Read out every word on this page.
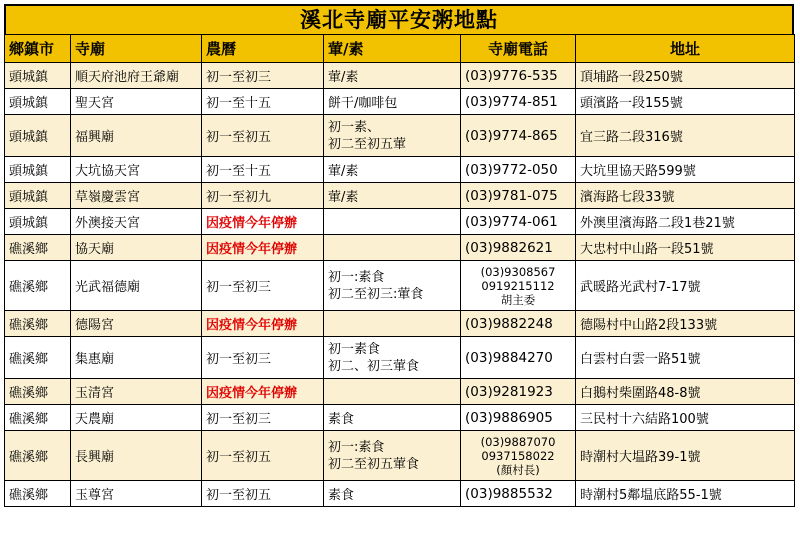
溪北寺廟平安粥地點
鄉鎮市	寺廟	農曆	葷/素	寺廟電話	地址
頭城鎮	順天府池府王爺廟	初一至初三	葷/素	(03)9776-535	頂埔路一段250號
頭城鎮	聖天宮	初一至十五	餅干/咖啡包	(03)9774-851	頭濱路一段155號
頭城鎮	福興廟	初一至初五	初一素、
初二至初五葷	(03)9774-865	宜三路二段316號
頭城鎮	大坑協天宮	初一至十五	葷/素	(03)9772-050	大坑里協天路599號
頭城鎮	草嶺慶雲宮	初一至初九	葷/素	(03)9781-075	濱海路七段33號
頭城鎮	外澳接天宮	因疫情今年停辦		(03)9774-061	外澳里濱海路二段1巷21號
礁溪鄉	協天廟	因疫情今年停辦		(03)9882621	大忠村中山路一段51號
礁溪鄉	光武福德廟	初一至初三	初一:素食
初二至初三:葷食	(03)9308567
0919215112
胡主委	武暖路光武村7-17號
礁溪鄉	德陽宮	因疫情今年停辦		(03)9882248	德陽村中山路2段133號
礁溪鄉	集惠廟	初一至初三	初一素食
初二、初三葷食	(03)9884270	白雲村白雲一路51號
礁溪鄉	玉清宮	因疫情今年停辦		(03)9281923	白鵝村柴圍路48-8號
礁溪鄉	天農廟	初一至初三	素食	(03)9886905	三民村十六結路100號
礁溪鄉	長興廟	初一至初五	初一:素食
初二至初五葷食	(03)9887070
0937158022
(顏村長)	時潮村大塭路39-1號
礁溪鄉	玉尊宮	初一至初五	素食	(03)9885532	時潮村5鄰塭底路55-1號
